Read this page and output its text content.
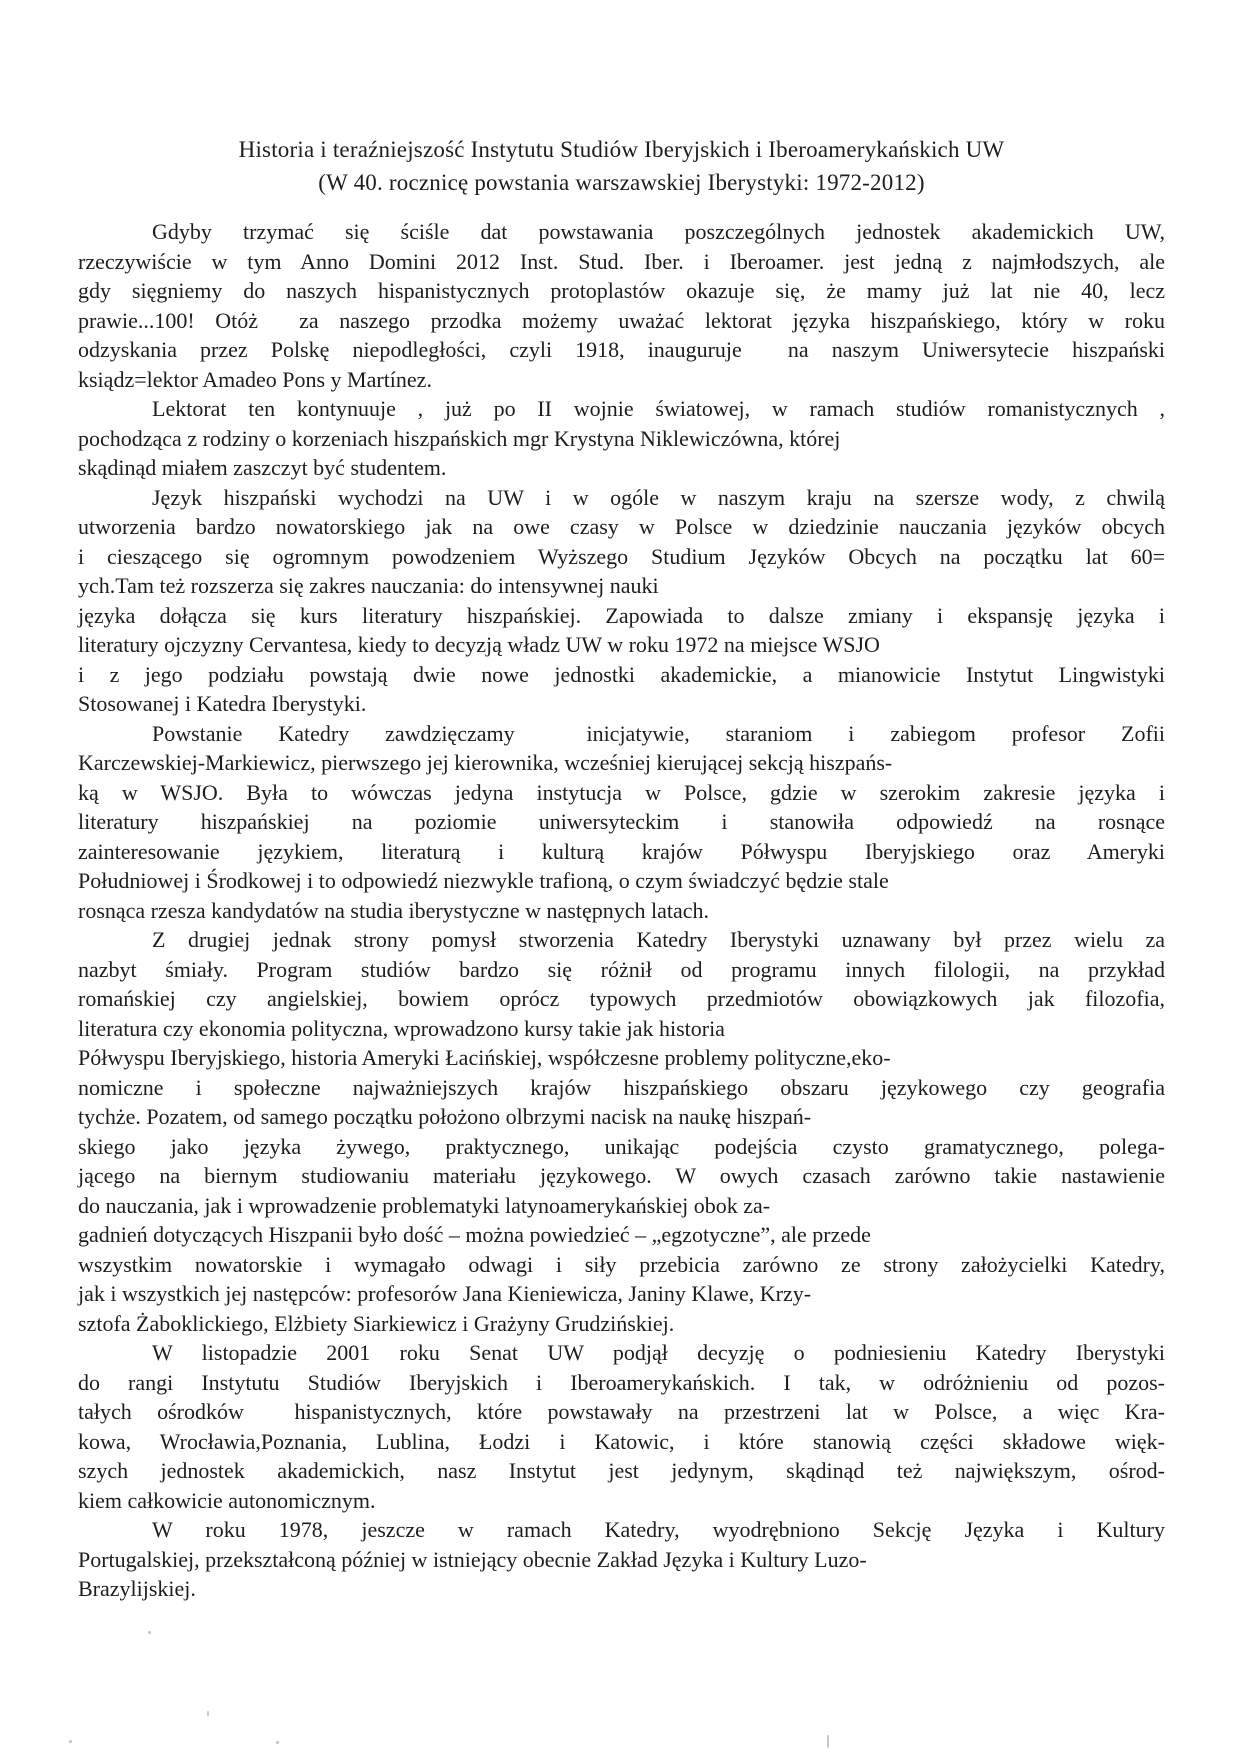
Historia i teraźniejszość Instytutu Studiów Iberyjskich i Iberoamerykańskich UW
(W 40. rocznicę powstania warszawskiej Iberystyki: 1972-2012)
Gdyby trzymać się ściśle dat powstawania poszczególnych jednostek akademickich UW,
rzeczywiście w tym Anno Domini 2012 Inst. Stud. Iber. i Iberoamer. jest jedną z najmłodszych, ale
gdy sięgniemy do naszych hispanistycznych protoplastów okazuje się, że mamy już lat nie 40, lecz
prawie...100! Otóż  za naszego przodka możemy uważać lektorat języka hiszpańskiego, który w roku
odzyskania przez Polskę niepodległości, czyli 1918, inauguruje  na naszym Uniwersytecie hiszpański
ksiądz=lektor Amadeo Pons y Martínez.
Lektorat ten kontynuuje , już po II wojnie światowej, w ramach studiów romanistycznych ,
pochodząca z rodziny o korzeniach hiszpańskich mgr Krystyna Niklewiczówna, której
skądinąd miałem zaszczyt być studentem.
Język hiszpański wychodzi na UW i w ogóle w naszym kraju na szersze wody, z chwilą
utworzenia bardzo nowatorskiego jak na owe czasy w Polsce w dziedzinie nauczania języków obcych
i cieszącego się ogromnym powodzeniem Wyższego Studium Języków Obcych na początku lat 60=
ych.Tam też rozszerza się zakres nauczania: do intensywnej nauki
języka dołącza się kurs literatury hiszpańskiej. Zapowiada to dalsze zmiany i ekspansję języka i
literatury ojczyzny Cervantesa, kiedy to decyzją władz UW w roku 1972 na miejsce WSJO
i z jego podziału powstają dwie nowe jednostki akademickie, a mianowicie Instytut Lingwistyki
Stosowanej i Katedra Iberystyki.
Powstanie Katedry zawdzięczamy  inicjatywie, staraniom i zabiegom profesor Zofii
Karczewskiej-Markiewicz, pierwszego jej kierownika, wcześniej kierującej sekcją hiszpańs-
ką w WSJO. Była to wówczas jedyna instytucja w Polsce, gdzie w szerokim zakresie języka i
literatury hiszpańskiej na poziomie uniwersyteckim i stanowiła odpowiedź na rosnące
zainteresowanie językiem, literaturą i kulturą krajów Półwyspu Iberyjskiego oraz Ameryki
Południowej i Środkowej i to odpowiedź niezwykle trafioną, o czym świadczyć będzie stale
rosnąca rzesza kandydatów na studia iberystyczne w następnych latach.
Z drugiej jednak strony pomysł stworzenia Katedry Iberystyki uznawany był przez wielu za
nazbyt śmiały. Program studiów bardzo się różnił od programu innych filologii, na przykład
romańskiej czy angielskiej, bowiem oprócz typowych przedmiotów obowiązkowych jak filozofia,
literatura czy ekonomia polityczna, wprowadzono kursy takie jak historia
Półwyspu Iberyjskiego, historia Ameryki Łacińskiej, współczesne problemy polityczne,eko-
nomiczne i społeczne najważniejszych krajów hiszpańskiego obszaru językowego czy geografia
tychże. Pozatem, od samego początku położono olbrzymi nacisk na naukę hiszpań-
skiego jako języka żywego, praktycznego, unikając podejścia czysto gramatycznego, polega-
jącego na biernym studiowaniu materiału językowego. W owych czasach zarówno takie nastawienie
do nauczania, jak i wprowadzenie problematyki latynoamerykańskiej obok za-
gadnień dotyczących Hiszpanii było dość – można powiedzieć – „egzotyczne”, ale przede
wszystkim nowatorskie i wymagało odwagi i siły przebicia zarówno ze strony założycielki Katedry,
jak i wszystkich jej następców: profesorów Jana Kieniewicza, Janiny Klawe, Krzy-
sztofa Żaboklickiego, Elżbiety Siarkiewicz i Grażyny Grudzińskiej.
W listopadzie 2001 roku Senat UW podjął decyzję o podniesieniu Katedry Iberystyki
do rangi Instytutu Studiów Iberyjskich i Iberoamerykańskich. I tak, w odróżnieniu od pozos-
tałych ośrodków  hispanistycznych, które powstawały na przestrzeni lat w Polsce, a więc Kra-
kowa, Wrocławia,Poznania, Lublina, Łodzi i Katowic, i które stanowią części składowe więk-
szych jednostek akademickich, nasz Instytut jest jedynym, skądinąd też największym, ośrod-
kiem całkowicie autonomicznym.
W roku 1978, jeszcze w ramach Katedry, wyodrębniono Sekcję Języka i Kultury
Portugalskiej, przekształconą później w istniejący obecnie Zakład Języka i Kultury Luzo-
Brazylijskiej.
